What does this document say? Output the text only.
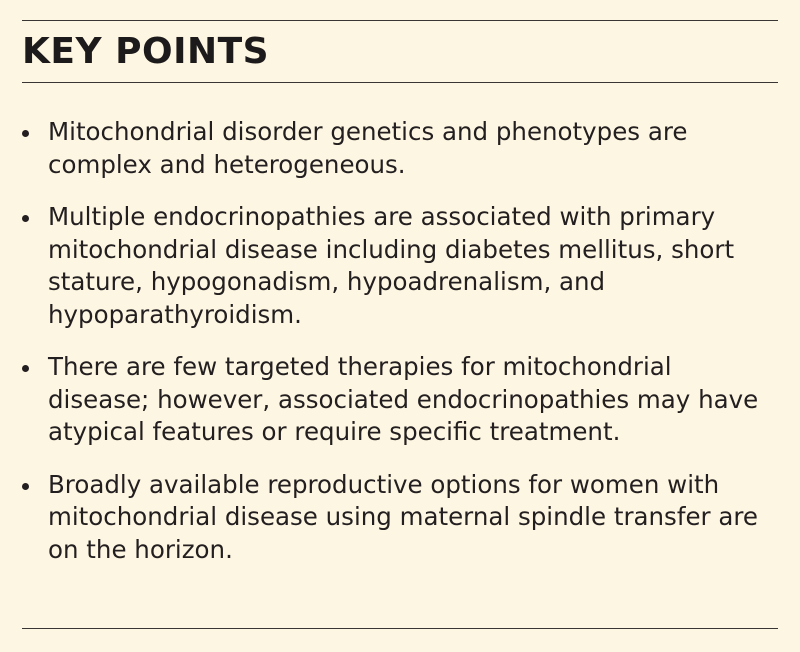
KEY POINTS
Mitochondrial disorder genetics and phenotypes are complex and heterogeneous.
Multiple endocrinopathies are associated with primary mitochondrial disease including diabetes mellitus, short stature, hypogonadism, hypoadrenalism, and hypoparathyroidism.
There are few targeted therapies for mitochondrial disease; however, associated endocrinopathies may have atypical features or require specific treatment.
Broadly available reproductive options for women with mitochondrial disease using maternal spindle transfer are on the horizon.
